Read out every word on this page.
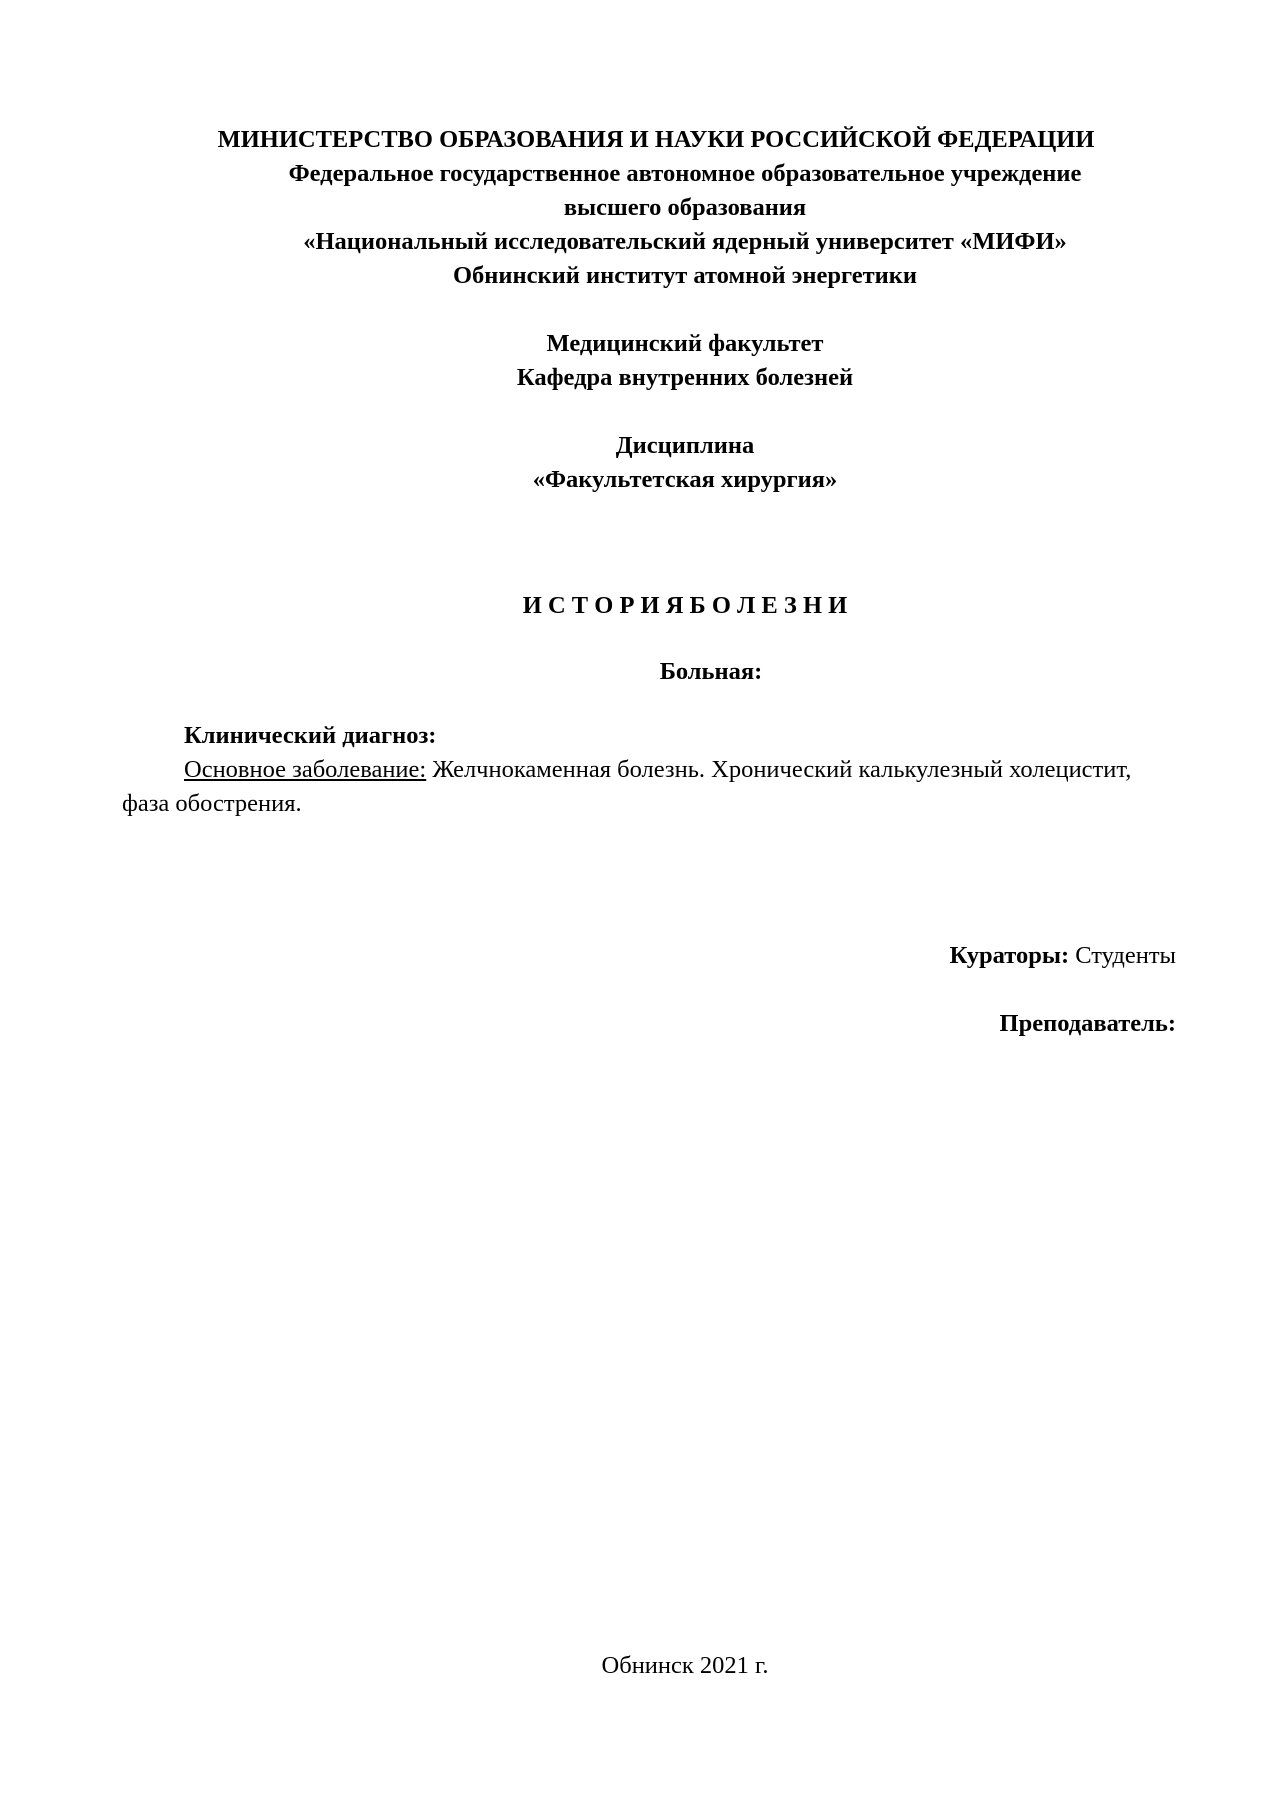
МИНИСТЕРСТВО ОБРАЗОВАНИЯ И НАУКИ РОССИЙСКОЙ ФЕДЕРАЦИИ
Федеральное государственное автономное образовательное учреждение
высшего образования
«Национальный исследовательский ядерный университет «МИФИ»
Обнинский институт атомной энергетики
Медицинский факультет
Кафедра внутренних болезней
Дисциплина
«Факультетская хирургия»
И С Т О Р И Я Б О Л Е З Н И
Больная:
Клинический диагноз:
Основное заболевание: Желчнокаменная болезнь. Хронический калькулезный холецистит,
фаза обострения.
Кураторы: Студенты
Преподаватель:
Обнинск 2021 г.
